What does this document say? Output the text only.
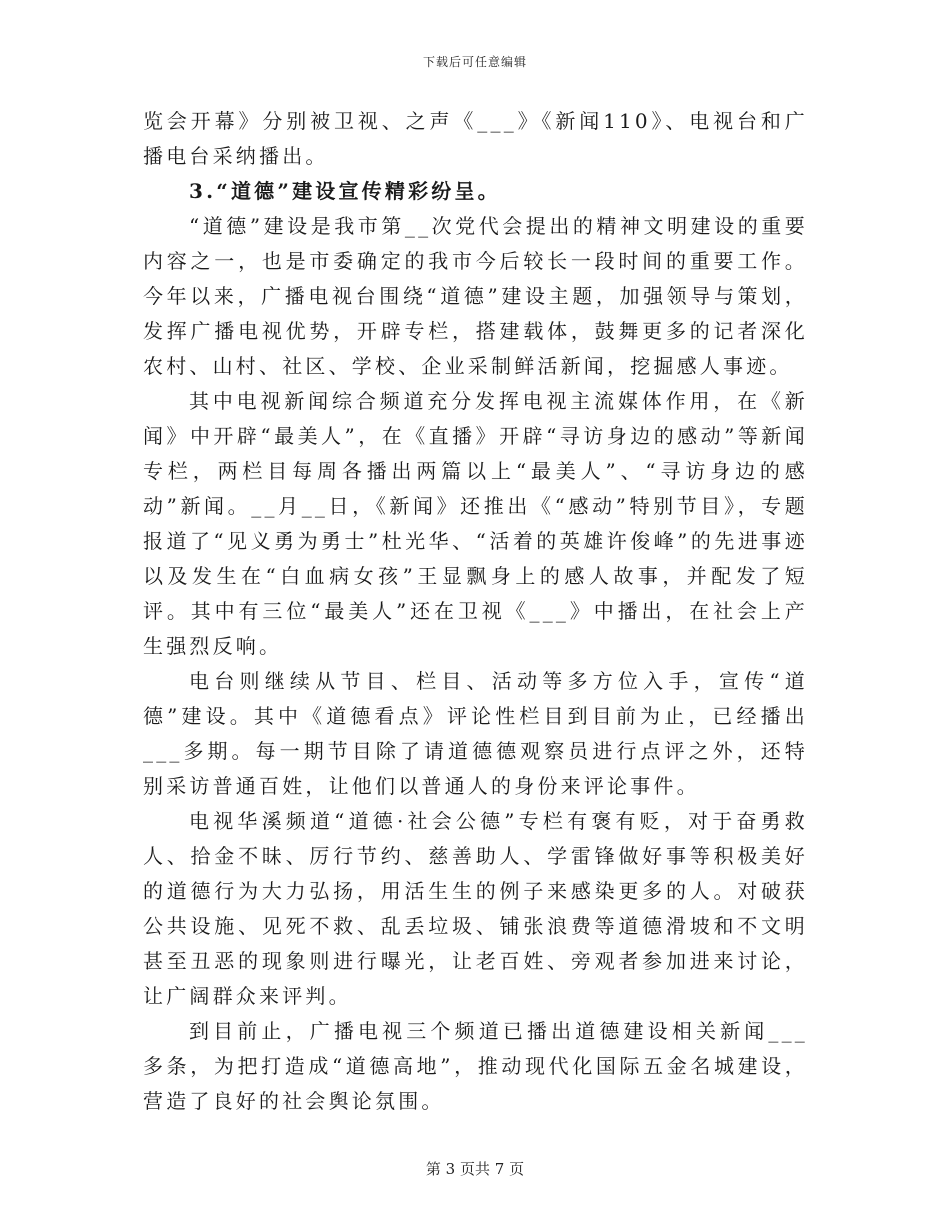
下载后可任意编辑

览会开幕》分别被卫视、之声《___》《新闻110》、电视台和广播电台采纳播出。

3.“道德”建设宣传精彩纷呈。

“道德”建设是我市第__次党代会提出的精神文明建设的重要内容之一，也是市委确定的我市今后较长一段时间的重要工作。今年以来，广播电视台围绕“道德”建设主题，加强领导与策划，发挥广播电视优势，开辟专栏，搭建载体，鼓舞更多的记者深化农村、山村、社区、学校、企业采制鲜活新闻，挖掘感人事迹。

其中电视新闻综合频道充分发挥电视主流媒体作用，在《新闻》中开辟“最美人”，在《直播》开辟“寻访身边的感动”等新闻专栏，两栏目每周各播出两篇以上“最美人”、“寻访身边的感动”新闻。__月__日，《新闻》还推出《“感动”特别节目》，专题报道了“见义勇为勇士”杜光华、“活着的英雄许俊峰”的先进事迹以及发生在“白血病女孩”王显飘身上的感人故事，并配发了短评。其中有三位“最美人”还在卫视《___》中播出，在社会上产生强烈反响。

电台则继续从节目、栏目、活动等多方位入手，宣传“道德”建设。其中《道德看点》评论性栏目到目前为止，已经播出___多期。每一期节目除了请道德德观察员进行点评之外，还特别采访普通百姓，让他们以普通人的身份来评论事件。

电视华溪频道“道德·社会公德”专栏有褒有贬，对于奋勇救人、拾金不昧、厉行节约、慈善助人、学雷锋做好事等积极美好的道德行为大力弘扬，用活生生的例子来感染更多的人。对破获公共设施、见死不救、乱丢垃圾、铺张浪费等道德滑坡和不文明甚至丑恶的现象则进行曝光，让老百姓、旁观者参加进来讨论，让广阔群众来评判。

到目前止，广播电视三个频道已播出道德建设相关新闻___多条，为把打造成“道德高地”，推动现代化国际五金名城建设，营造了良好的社会舆论氛围。

第 3 页共 7 页
